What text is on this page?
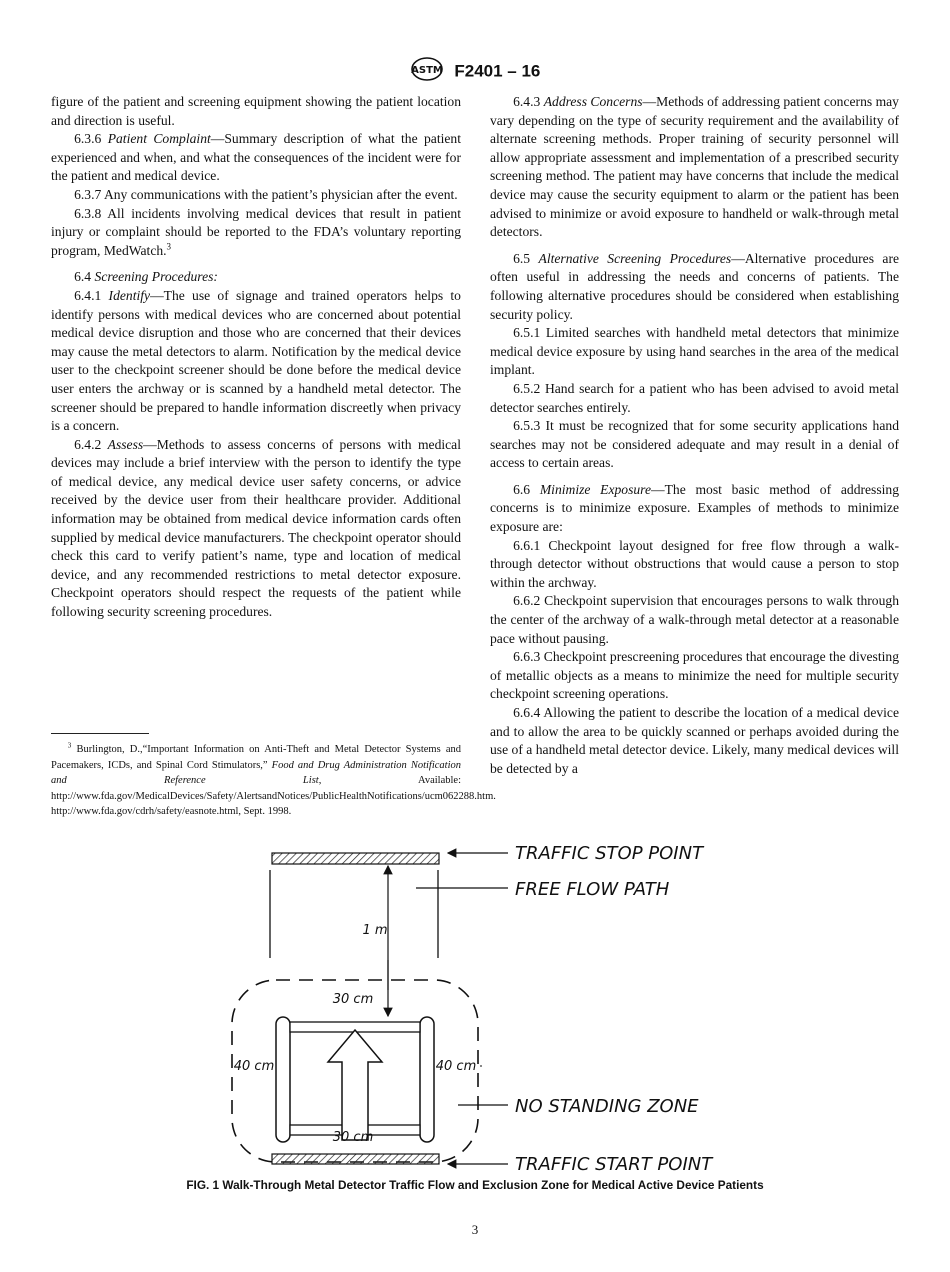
ASTM F2401 – 16

figure of the patient and screening equipment showing the patient location and direction is useful.

6.3.6 Patient Complaint—Summary description of what the patient experienced and when, and what the consequences of the incident were for the patient and medical device.

6.3.7 Any communications with the patient’s physician after the event.

6.3.8 All incidents involving medical devices that result in patient injury or complaint should be reported to the FDA’s voluntary reporting program, MedWatch.$^3$

6.4 Screening Procedures:

6.4.1 Identify—The use of signage and trained operators helps to identify persons with medical devices who are concerned about potential medical device disruption and those who are concerned that their devices may cause the metal detectors to alarm. Notification by the medical device user to the checkpoint screener should be done before the medical device user enters the archway or is scanned by a handheld metal detector. The screener should be prepared to handle information discreetly when privacy is a concern.

6.4.2 Assess—Methods to assess concerns of persons with medical devices may include a brief interview with the person to identify the type of medical device, any medical device user safety concerns, or advice received by the device user from their healthcare provider. Additional information may be obtained from medical device information cards often supplied by medical device manufacturers. The checkpoint operator should check this card to verify patient’s name, type and location of medical device, and any recommended restrictions to metal detector exposure. Checkpoint operators should respect the requests of the patient while following security screening procedures.

$^3$ Burlington, D.,“Important Information on Anti-Theft and Metal Detector Systems and Pacemakers, ICDs, and Spinal Cord Stimulators,” Food and Drug Administration Notification and Reference List, Available: http://www.fda.gov/MedicalDevices/Safety/AlertsandNotices/PublicHealthNotifications/ucm062288.htm. http://www.fda.gov/cdrh/safety/easnote.html, Sept. 1998.

6.4.3 Address Concerns—Methods of addressing patient concerns may vary depending on the type of security requirement and the availability of alternate screening methods. Proper training of security personnel will allow appropriate assessment and implementation of a prescribed security screening method. The patient may have concerns that include the medical device may cause the security equipment to alarm or the patient has been advised to minimize or avoid exposure to handheld or walk-through metal detectors.

6.5 Alternative Screening Procedures—Alternative procedures are often useful in addressing the needs and concerns of patients. The following alternative procedures should be considered when establishing security policy.

6.5.1 Limited searches with handheld metal detectors that minimize medical device exposure by using hand searches in the area of the medical implant.

6.5.2 Hand search for a patient who has been advised to avoid metal detector searches entirely.

6.5.3 It must be recognized that for some security applications hand searches may not be considered adequate and may result in a denial of access to certain areas.

6.6 Minimize Exposure—The most basic method of addressing concerns is to minimize exposure. Examples of methods to minimize exposure are:

6.6.1 Checkpoint layout designed for free flow through a walk-through detector without obstructions that would cause a person to stop within the archway.

6.6.2 Checkpoint supervision that encourages persons to walk through the center of the archway of a walk-through metal detector at a reasonable pace without pausing.

6.6.3 Checkpoint prescreening procedures that encourage the divesting of metallic objects as a means to minimize the need for multiple security checkpoint screening operations.

6.6.4 Allowing the patient to describe the location of a medical device and to allow the area to be quickly scanned or perhaps avoided during the use of a handheld metal detector device. Likely, many medical devices will be detected by a

1 m
30 cm
40 cm	40 cm
30 cm
TRAFFIC STOP POINT
FREE FLOW PATH
NO STANDING ZONE
TRAFFIC START POINT
FIG. 1 Walk-Through Metal Detector Traffic Flow and Exclusion Zone for Medical Active Device Patients
3
